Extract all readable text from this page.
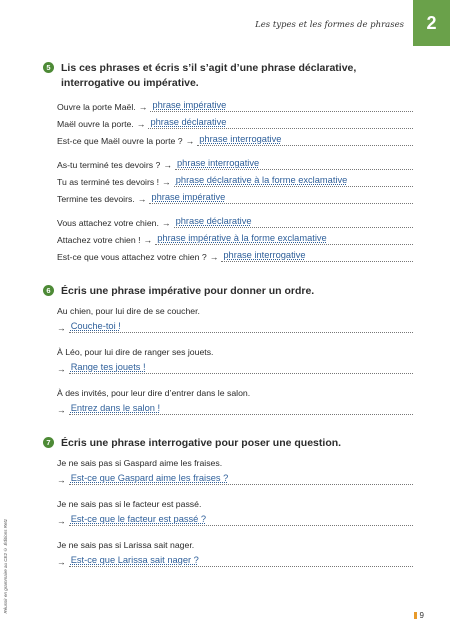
Les types et les formes de phrases	2
Réussir en grammaire au CE2 © Éditions Retz
9
5 Lis ces phrases et écris s’il s’agit d’une phrase déclarative, interrogative ou impérative.
Ouvre la porte Maël. → phrase impérative
Maël ouvre la porte. → phrase déclarative
Est-ce que Maël ouvre la porte ? → phrase interrogative
As-tu terminé tes devoirs ? → phrase interrogative
Tu as terminé tes devoirs ! → phrase déclarative à la forme exclamative
Termine tes devoirs. → phrase impérative
Vous attachez votre chien. → phrase déclarative
Attachez votre chien ! → phrase impérative à la forme exclamative
Est-ce que vous attachez votre chien ? → phrase interrogative
6 Écris une phrase impérative pour donner un ordre.
Au chien, pour lui dire de se coucher.
→ Couche-toi !
À Léo, pour lui dire de ranger ses jouets.
→ Range tes jouets !
À des invités, pour leur dire d’entrer dans le salon.
→ Entrez dans le salon !
7 Écris une phrase interrogative pour poser une question.
Je ne sais pas si Gaspard aime les fraises.
→ Est-ce que Gaspard aime les fraises ?
Je ne sais pas si le facteur est passé.
→ Est-ce que le facteur est passé ?
Je ne sais pas si Larissa sait nager.
→ Est-ce que Larissa sait nager ?
